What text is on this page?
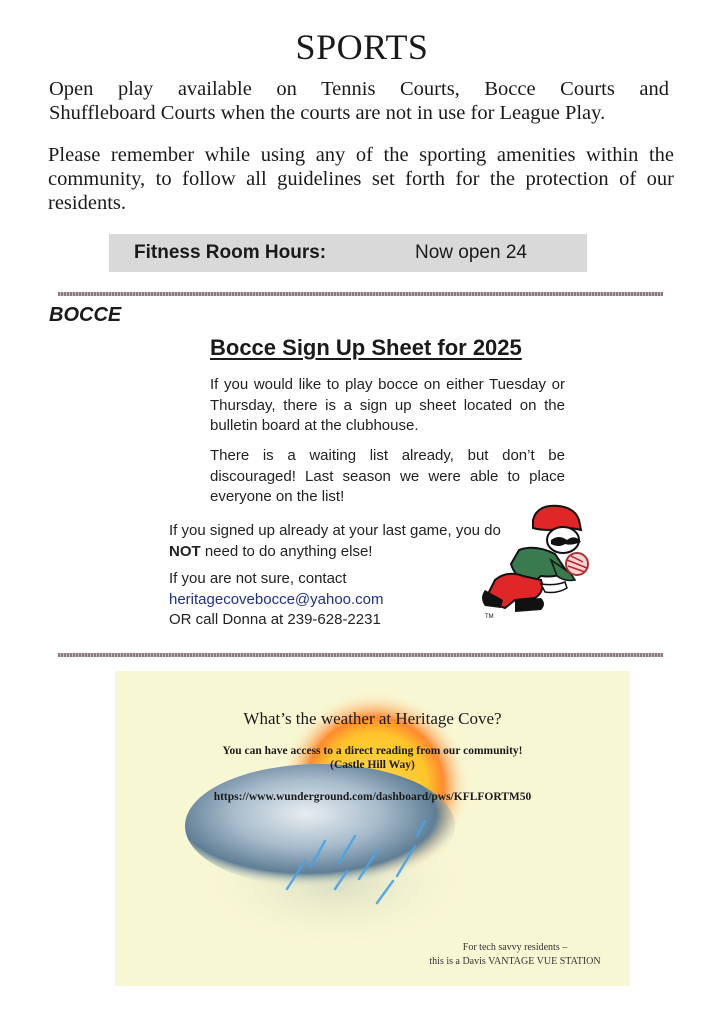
SPORTS
Open play available on Tennis Courts, Bocce Courts and
Shuffleboard Courts when the courts are not in use for League Play.
Please remember while using any of the sporting amenities within the community, to follow all guidelines set forth for the protection of our residents.
Fitness Room Hours:	Now open 24
BOCCE
Bocce Sign Up Sheet for 2025
If you would like to play bocce on either Tuesday or Thursday, there is a sign up sheet located on the bulletin board at the clubhouse.
There is a waiting list already, but don’t be discouraged! Last season we were able to place everyone on the list!
If you signed up already at your last game, you do NOT need to do anything else!
If you are not sure, contact
heritagecovebocce@yahoo.com
OR call Donna at 239-628-2231	TM
What’s the weather at Heritage Cove?
You can have access to a direct reading from our community!
(Castle Hill Way)
https://www.wunderground.com/dashboard/pws/KFLFORTM50
For tech savvy residents –
this is a Davis VANTAGE VUE STATION
